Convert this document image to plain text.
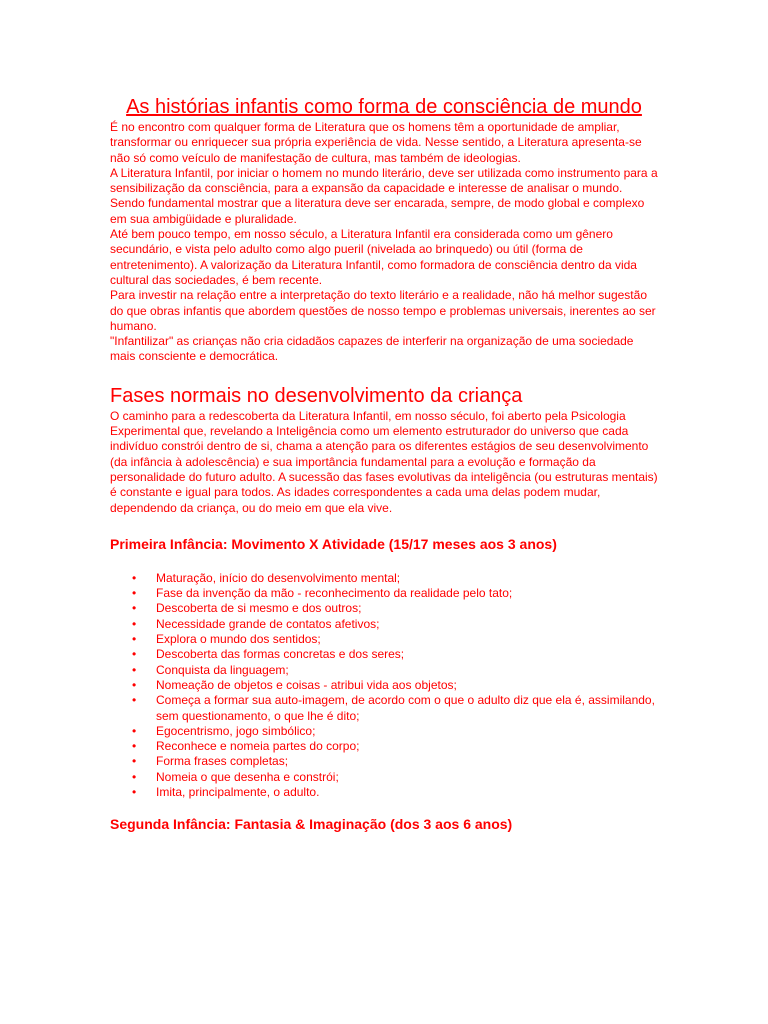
As histórias infantis como forma de consciência de mundo

É no encontro com qualquer forma de Literatura que os homens têm a oportunidade de ampliar, transformar ou enriquecer sua própria experiência de vida. Nesse sentido, a Literatura apresenta-se não só como veículo de manifestação de cultura, mas também de ideologias.

A Literatura Infantil, por iniciar o homem no mundo literário, deve ser utilizada como instrumento para a sensibilização da consciência, para a expansão da capacidade e interesse de analisar o mundo. Sendo fundamental mostrar que a literatura deve ser encarada, sempre, de modo global e complexo em sua ambigüidade e pluralidade.

Até bem pouco tempo, em nosso século, a Literatura Infantil era considerada como um gênero secundário, e vista pelo adulto como algo pueril (nivelada ao brinquedo) ou útil (forma de entretenimento). A valorização da Literatura Infantil, como formadora de consciência dentro da vida cultural das sociedades, é bem recente.

Para investir na relação entre a interpretação do texto literário e a realidade, não há melhor sugestão do que obras infantis que abordem questões de nosso tempo e problemas universais, inerentes ao ser humano.

"Infantilizar" as crianças não cria cidadãos capazes de interferir na organização de uma sociedade mais consciente e democrática.

Fases normais no desenvolvimento da criança

O caminho para a redescoberta da Literatura Infantil, em nosso século, foi aberto pela Psicologia Experimental que, revelando a Inteligência como um elemento estruturador do universo que cada indivíduo constrói dentro de si, chama a atenção para os diferentes estágios de seu desenvolvimento (da infância à adolescência) e sua importância fundamental para a evolução e formação da personalidade do futuro adulto. A sucessão das fases evolutivas da inteligência (ou estruturas mentais) é constante e igual para todos. As idades correspondentes a cada uma delas podem mudar, dependendo da criança, ou do meio em que ela vive.

Primeira Infância: Movimento X Atividade (15/17 meses aos 3 anos)
• Maturação, início do desenvolvimento mental;
• Fase da invenção da mão - reconhecimento da realidade pelo tato;
• Descoberta de si mesmo e dos outros;
• Necessidade grande de contatos afetivos;
• Explora o mundo dos sentidos;
• Descoberta das formas concretas e dos seres;
• Conquista da linguagem;
• Nomeação de objetos e coisas - atribui vida aos objetos;
• Começa a formar sua auto-imagem, de acordo com o que o adulto diz que ela é, assimilando, sem questionamento, o que lhe é dito;
• Egocentrismo, jogo simbólico;
• Reconhece e nomeia partes do corpo;
• Forma frases completas;
• Nomeia o que desenha e constrói;
• Imita, principalmente, o adulto.
Segunda Infância: Fantasia & Imaginação (dos 3 aos 6 anos)
